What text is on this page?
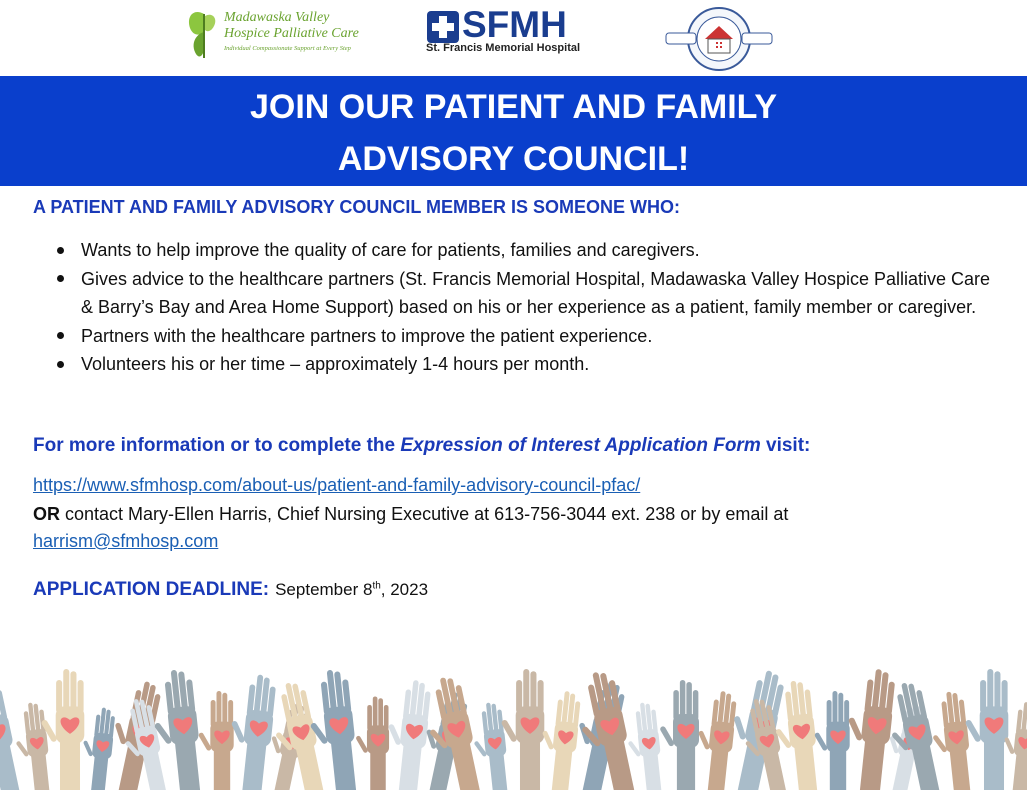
Madawaska Valley
Hospice Palliative Care
Individual Compassionate Support at Every Step
SFMH
St. Francis Memorial Hospital
JOIN OUR PATIENT AND FAMILY
ADVISORY COUNCIL!
A PATIENT AND FAMILY ADVISORY COUNCIL MEMBER IS SOMEONE WHO:
Wants to help improve the quality of care for patients, families and caregivers.
Gives advice to the healthcare partners (St. Francis Memorial Hospital, Madawaska Valley Hospice Palliative Care & Barry’s Bay and Area Home Support) based on his or her experience as a patient, family member or caregiver.
Partners with the healthcare partners to improve the patient experience.
Volunteers his or her time – approximately 1-4 hours per month.
For more information or to complete the Expression of Interest Application Form visit:
https://www.sfmhosp.com/about-us/patient-and-family-advisory-council-pfac/
OR contact Mary-Ellen Harris, Chief Nursing Executive at 613-756-3044 ext. 238 or by email at
harrism@sfmhosp.com
APPLICATION DEADLINE: September 8th, 2023
